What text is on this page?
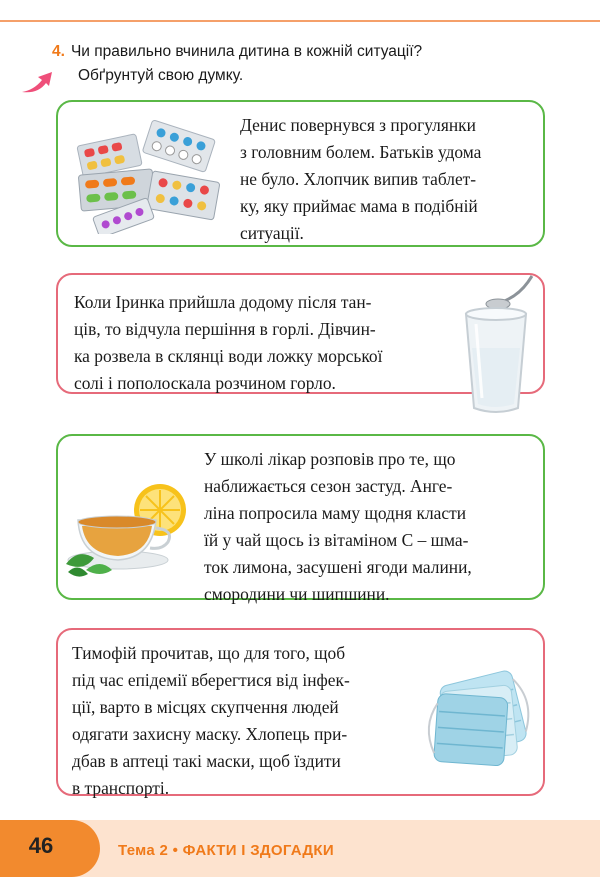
4. Чи правильно вчинила дитина в кожній ситуації?
Обґрунтуй свою думку.
Денис повернувся з прогулянки
з головним болем. Батьків удома
не було. Хлопчик випив таблет-
ку, яку приймає мама в подібній
ситуації.
Коли Іринка прийшла додому після тан-
ців, то відчула першіння в горлі. Дівчин-
ка розвела в склянці води ложку морської
солі і пополоскала розчином горло.
У школі лікар розповів про те, що
наближається сезон застуд. Анге-
ліна попросила маму щодня класти
їй у чай щось із вітаміном С – шма-
ток лимона, засушені ягоди малини,
смородини чи шипшини.
Тимофій прочитав, що для того, щоб
під час епідемії вберегтися від інфек-
ції, варто в місцях скупчення людей
одягати захисну маску. Хлопець при-
дбав в аптеці такі маски, щоб їздити
в транспорті.
46	Тема 2 • ФАКТИ І ЗДОГАДКИ
